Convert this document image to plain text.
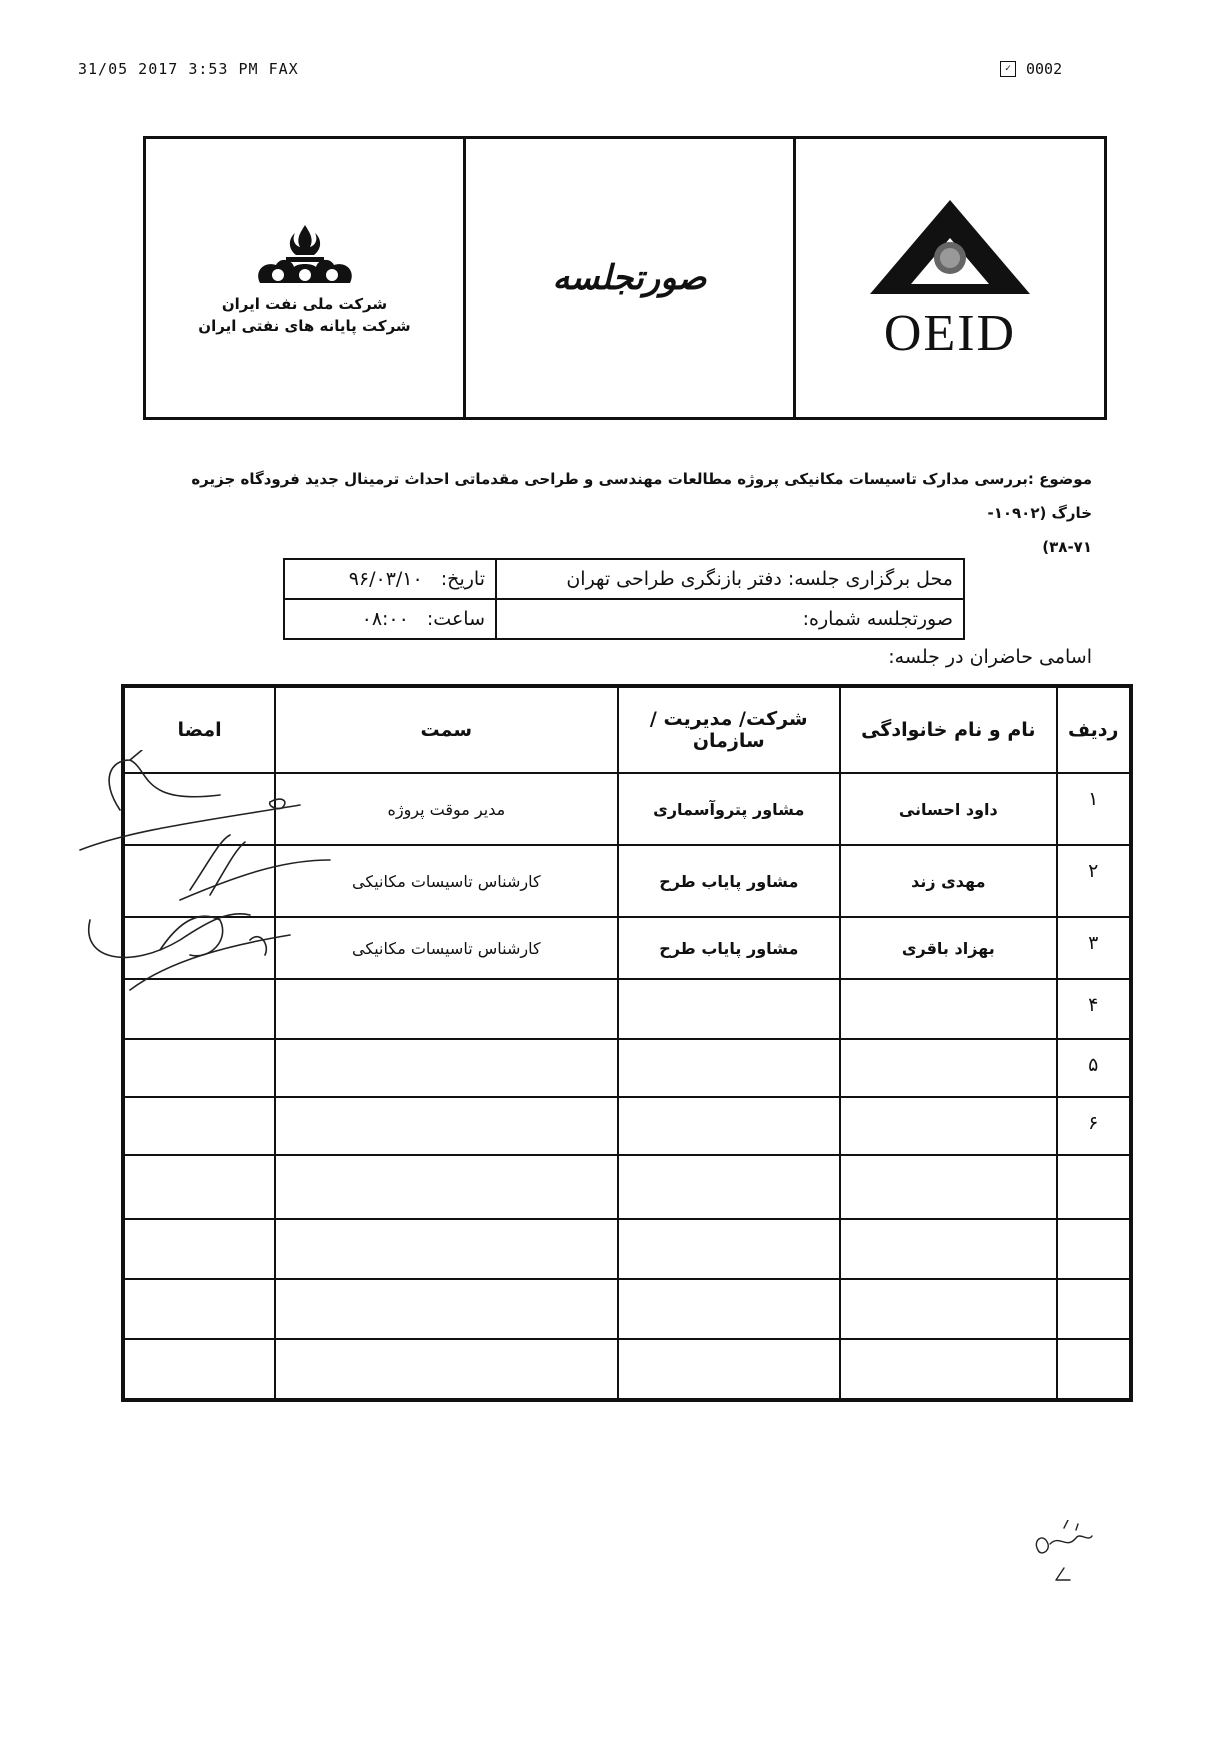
31/05 2017 3:53 PM FAX	✓ 0002
شرکت ملی نفت ایران
شرکت پایانه های نفتی ایران
صورتجلسه
OEID
موضوع :بررسی مدارک تاسیسات مکانیکی پروژه مطالعات مهندسی و طراحی مقدماتی احداث ترمینال جدید فرودگاه جزیره خارگ (۱۰۹۰۲-
۳۸-۷۱)
محل برگزاری جلسه: دفتر بازنگری طراحی تهران	تاریخ: ۹۶/۰۳/۱۰
صورتجلسه شماره:	ساعت: ۰۸:۰۰
اسامی حاضران در جلسه:
ردیف	نام و نام خانوادگی	شرکت/ مدیریت /سازمان	سمت	امضا
۱	داود احسانی	مشاور پتروآسماری	مدیر موقت پروژه	
۲	مهدی زند	مشاور پایاب طرح	کارشناس تاسیسات مکانیکی	
۳	بهزاد باقری	مشاور پایاب طرح	کارشناس تاسیسات مکانیکی	
۴				
۵				
۶				
